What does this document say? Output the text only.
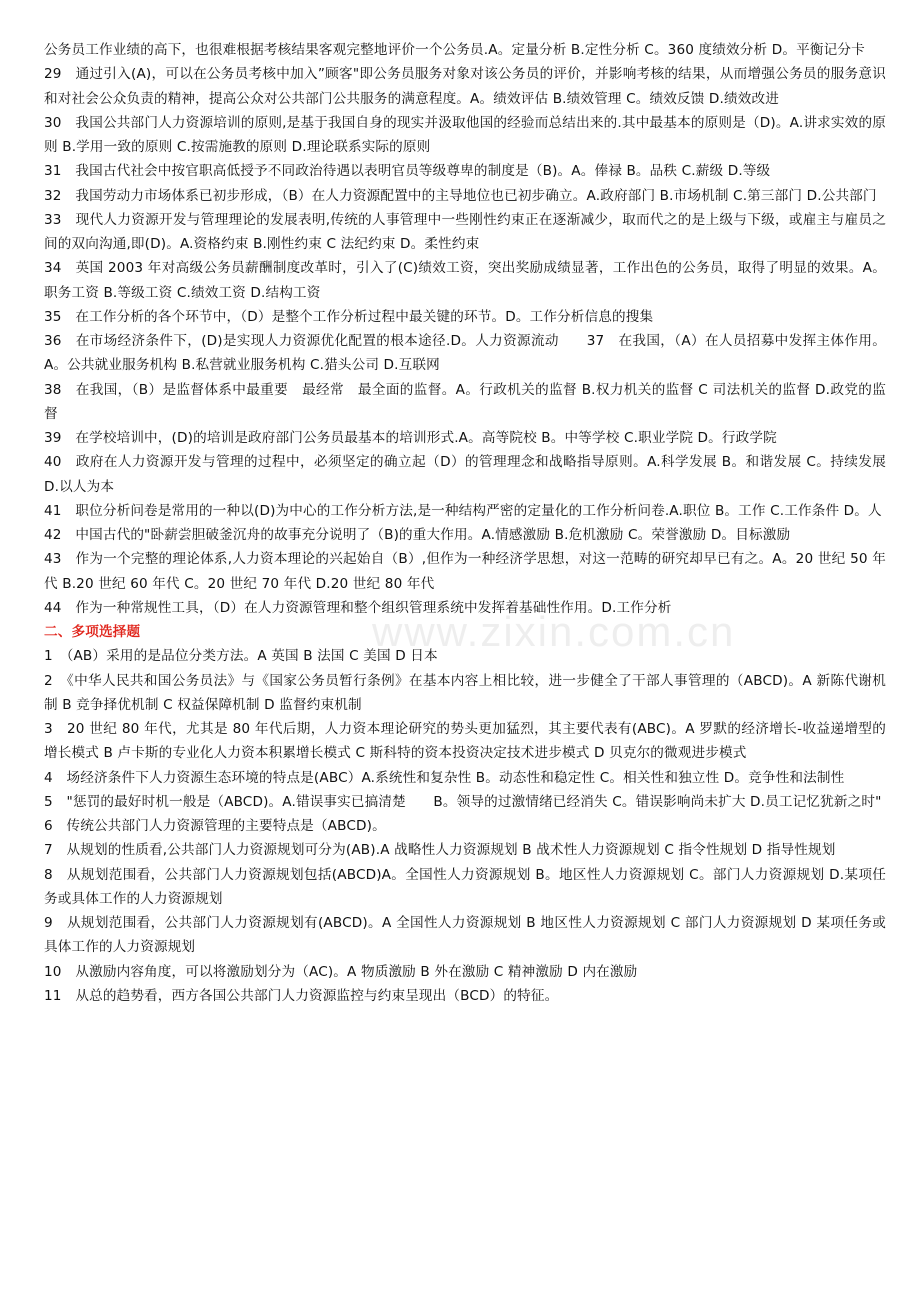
公务员工作业绩的高下，也很难根据考核结果客观完整地评价一个公务员.A。定量分析 B.定性分析 C。360 度绩效分析 D。平衡记分卡

29　通过引入(A)，可以在公务员考核中加入”顾客"即公务员服务对象对该公务员的评价，并影响考核的结果，从而增强公务员的服务意识和对社会公众负责的精神，提高公众对公共部门公共服务的满意程度。A。绩效评估 B.绩效管理 C。绩效反馈 D.绩效改进

30　我国公共部门人力资源培训的原则,是基于我国自身的现实并汲取他国的经验而总结出来的.其中最基本的原则是（D)。A.讲求实效的原则 B.学用一致的原则 C.按需施教的原则 D.理论联系实际的原则

31　我国古代社会中按官职高低授予不同政治待遇以表明官员等级尊卑的制度是（B)。A。俸禄 B。品秩 C.薪级 D.等级

32　我国劳动力市场体系已初步形成，（B）在人力资源配置中的主导地位也已初步确立。A.政府部门 B.市场机制 C.第三部门 D.公共部门

33　现代人力资源开发与管理理论的发展表明,传统的人事管理中一些刚性约束正在逐渐减少，取而代之的是上级与下级，或雇主与雇员之间的双向沟通,即(D)。A.资格约束 B.刚性约束 C 法纪约束 D。柔性约束

34　英国 2003 年对高级公务员薪酬制度改革时，引入了(C)绩效工资，突出奖励成绩显著，工作出色的公务员，取得了明显的效果。A。职务工资 B.等级工资 C.绩效工资 D.结构工资

35　在工作分析的各个环节中，（D）是整个工作分析过程中最关键的环节。D。工作分析信息的搜集

36　在市场经济条件下，(D)是实现人力资源优化配置的根本途径.D。人力资源流动　　37　在我国，（A）在人员招募中发挥主体作用。A。公共就业服务机构 B.私营就业服务机构 C.猎头公司 D.互联网

38　在我国，（B）是监督体系中最重要　最经常　最全面的监督。A。行政机关的监督 B.权力机关的监督 C 司法机关的监督 D.政党的监督

39　在学校培训中，(D)的培训是政府部门公务员最基本的培训形式.A。高等院校 B。中等学校 C.职业学院 D。行政学院

40　政府在人力资源开发与管理的过程中，必须坚定的确立起（D）的管理理念和战略指导原则。A.科学发展 B。和谐发展 C。持续发展 D.以人为本

41　职位分析问卷是常用的一种以(D)为中心的工作分析方法,是一种结构严密的定量化的工作分析问卷.A.职位 B。工作 C.工作条件 D。人

42　中国古代的"卧薪尝胆破釜沉舟的故事充分说明了（B)的重大作用。A.情感激励 B.危机激励 C。荣誉激励 D。目标激励

43　作为一个完整的理论体系,人力资本理论的兴起始自（B）,但作为一种经济学思想，对这一范畴的研究却早已有之。A。20 世纪 50 年代 B.20 世纪 60 年代 C。20 世纪 70 年代 D.20 世纪 80 年代

44　作为一种常规性工具，（D）在人力资源管理和整个组织管理系统中发挥着基础性作用。D.工作分析

二、多项选择题

1　（AB）采用的是品位分类方法。A 英国 B 法国 C 美国 D 日本

2　《中华人民共和国公务员法》与《国家公务员暂行条例》在基本内容上相比较，进一步健全了干部人事管理的（ABCD)。A 新陈代谢机制 B 竞争择优机制 C 权益保障机制 D 监督约束机制

3　20 世纪 80 年代，尤其是 80 年代后期，人力资本理论研究的势头更加猛烈，其主要代表有(ABC)。A 罗默的经济增长-收益递增型的增长模式 B 卢卡斯的专业化人力资本积累增长模式 C 斯科特的资本投资决定技术进步模式 D 贝克尔的微观进步模式

4　场经济条件下人力资源生态环境的特点是(ABC）A.系统性和复杂性 B。动态性和稳定性 C。相关性和独立性 D。竞争性和法制性

5　"惩罚的最好时机一般是（ABCD)。A.错误事实已搞清楚　　B。领导的过激情绪已经消失 C。错误影响尚未扩大 D.员工记忆犹新之时"

6　传统公共部门人力资源管理的主要特点是（ABCD)。

7　从规划的性质看,公共部门人力资源规划可分为(AB).A 战略性人力资源规划 B 战术性人力资源规划 C 指令性规划 D 指导性规划

8　从规划范围看，公共部门人力资源规划包括(ABCD)A。全国性人力资源规划 B。地区性人力资源规划 C。部门人力资源规划 D.某项任务或具体工作的人力资源规划

9　从规划范围看，公共部门人力资源规划有(ABCD)。A 全国性人力资源规划 B 地区性人力资源规划 C 部门人力资源规划 D 某项任务或具体工作的人力资源规划

10　从激励内容角度，可以将激励划分为（AC)。A 物质激励 B 外在激励 C 精神激励 D 内在激励

11　从总的趋势看，西方各国公共部门人力资源监控与约束呈现出（BCD）的特征。

www.zixin.com.cn
